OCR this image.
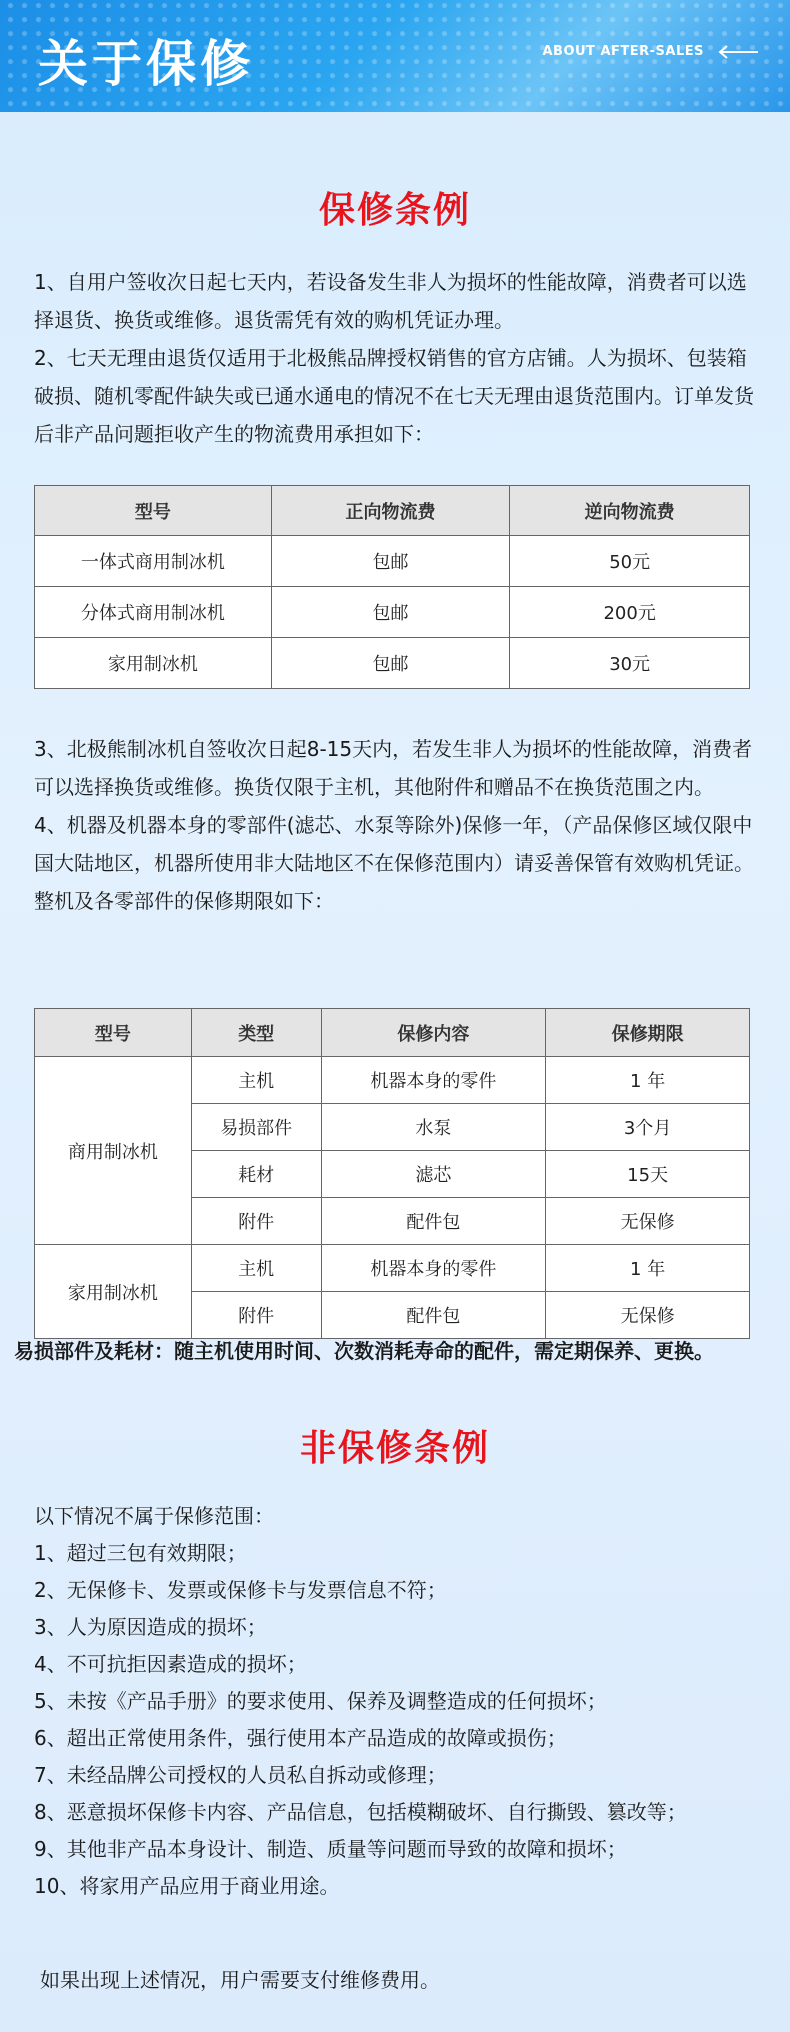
关于保修	ABOUT AFTER-SALES
保修条例

1、自用户签收次日起七天内，若设备发生非人为损坏的性能故障，消费者可以选择退货、换货或维修。退货需凭有效的购机凭证办理。

2、七天无理由退货仅适用于北极熊品牌授权销售的官方店铺。人为损坏、包装箱破损、随机零配件缺失或已通水通电的情况不在七天无理由退货范围内。订单发货后非产品问题拒收产生的物流费用承担如下：

型号	正向物流费	逆向物流费
一体式商用制冰机	包邮	50元
分体式商用制冰机	包邮	200元
家用制冰机	包邮	30元

3、北极熊制冰机自签收次日起8-15天内，若发生非人为损坏的性能故障，消费者可以选择换货或维修。换货仅限于主机，其他附件和赠品不在换货范围之内。

4、机器及机器本身的零部件(滤芯、水泵等除外)保修一年，（产品保修区域仅限中国大陆地区，机器所使用非大陆地区不在保修范围内）请妥善保管有效购机凭证。整机及各零部件的保修期限如下：

型号	类型	保修内容	保修期限
商用制冰机	主机	机器本身的零件	1 年
	易损部件	水泵	3个月
	耗材	滤芯	15天
	附件	配件包	无保修
家用制冰机	主机	机器本身的零件	1 年
	附件	配件包	无保修
易损部件及耗材：随主机使用时间、次数消耗寿命的配件，需定期保养、更换。
非保修条例
以下情况不属于保修范围：
1、超过三包有效期限；
2、无保修卡、发票或保修卡与发票信息不符；
3、人为原因造成的损坏；
4、不可抗拒因素造成的损坏；
5、未按《产品手册》的要求使用、保养及调整造成的任何损坏；
6、超出正常使用条件，强行使用本产品造成的故障或损伤；
7、未经品牌公司授权的人员私自拆动或修理；
8、恶意损坏保修卡内容、产品信息，包括模糊破坏、自行撕毁、篡改等；
9、其他非产品本身设计、制造、质量等问题而导致的故障和损坏；
10、将家用产品应用于商业用途。
如果出现上述情况，用户需要支付维修费用。
